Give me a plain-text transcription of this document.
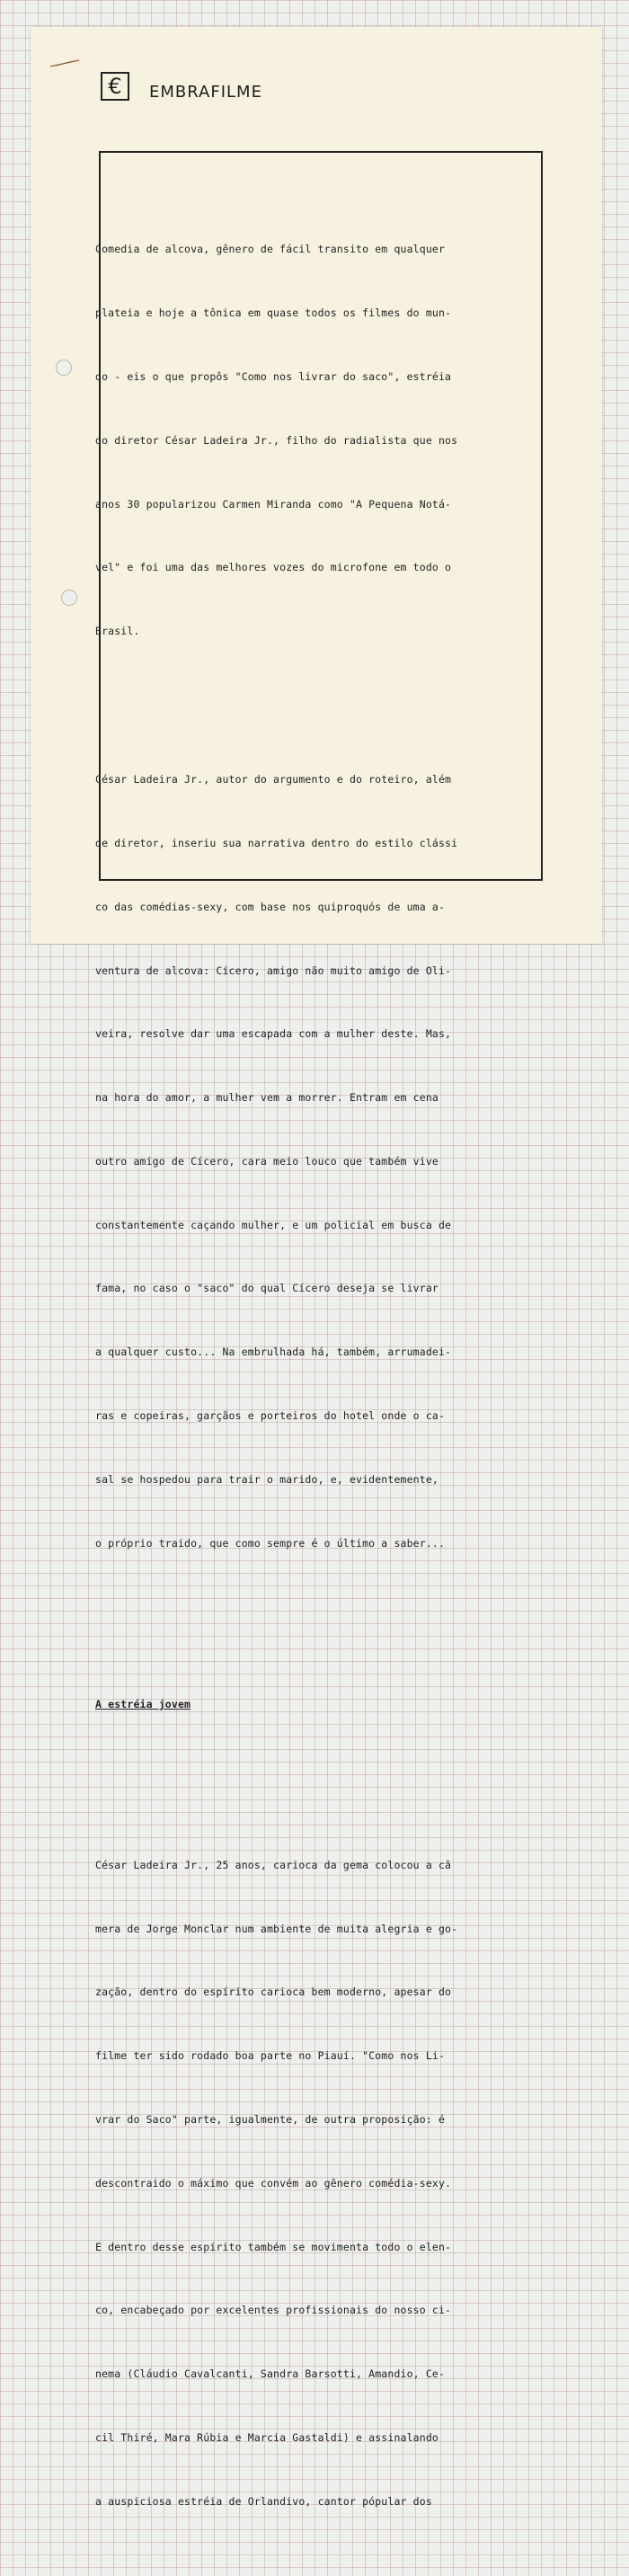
€	EMBRAFILME

Comedia de alcova, gênero de fácil transito em qualquer

plateia e hoje a tônica em quase todos os filmes do mun-

do - eis o que propôs "Como nos livrar do saco", estréia

do diretor César Ladeira Jr., filho do radialista que nos

anos 30 popularizou Carmen Miranda como "A Pequena Notá-

vel" e foi uma das melhores vozes do microfone em todo o

Brasil.

César Ladeira Jr., autor do argumento e do roteiro, além

de diretor, inseriu sua narrativa dentro do estilo clássi

co das comédias-sexy, com base nos quiproquós de uma a-

ventura de alcova: Cícero, amigo não muito amigo de Oli-

veira, resolve dar uma escapada com a mulher deste. Mas,

na hora do amor, a mulher vem a morrer. Entram em cena

outro amigo de Cícero, cara meio louco que também vive

constantemente caçando mulher, e um policial em busca de

fama, no caso o "saco" do qual Cícero deseja se livrar

a qualquer custo... Na embrulhada há, também, arrumadei-

ras e copeiras, garçãos e porteiros do hotel onde o ca-

sal se hospedou para trair o marido, e, evidentemente,

o próprio traido, que como sempre é o último a saber...

A estréia jovem

César Ladeira Jr., 25 anos, carioca da gema colocou a câ

mera de Jorge Monclar num ambiente de muita alegria e go-

zação, dentro do espírito carioca bem moderno, apesar do

filme ter sido rodado boa parte no Piauí. "Como nos Li-

vrar do Saco" parte, igualmente, de outra proposição: é

descontraido o máximo que convém ao gênero comédia-sexy.

E dentro desse espírito também se movimenta todo o elen-

co, encabeçado por excelentes profissionais do nosso ci-

nema (Cláudio Cavalcanti, Sandra Barsotti, Amandio, Ce-

cil Thiré, Mara Rúbia e Marcia Gastaldi) e assinalando

a auspiciosa estréia de Orlandivo, cantor pópular dos
